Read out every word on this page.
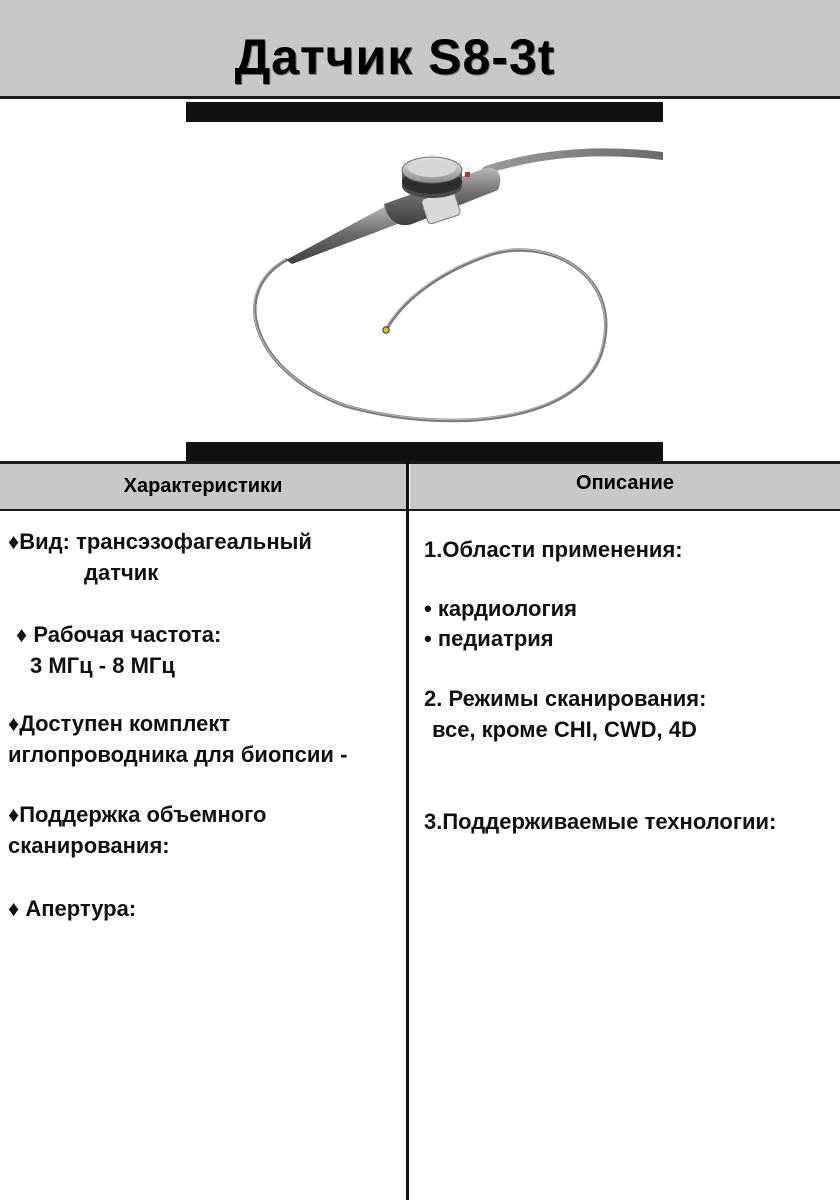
Датчик S8-3t
Характеристики	Описание
♦Вид: трансэзофагеальный
датчик
♦ Рабочая частота:
3 МГц - 8 МГц
♦Доступен комплект
иглопроводника для биопсии -
♦Поддержка объемного
сканирования:
♦ Апертура:
1.Области применения:
• кардиология
• педиатрия
2. Режимы сканирования:
все, кроме CHI, CWD, 4D
3.Поддерживаемые технологии:
